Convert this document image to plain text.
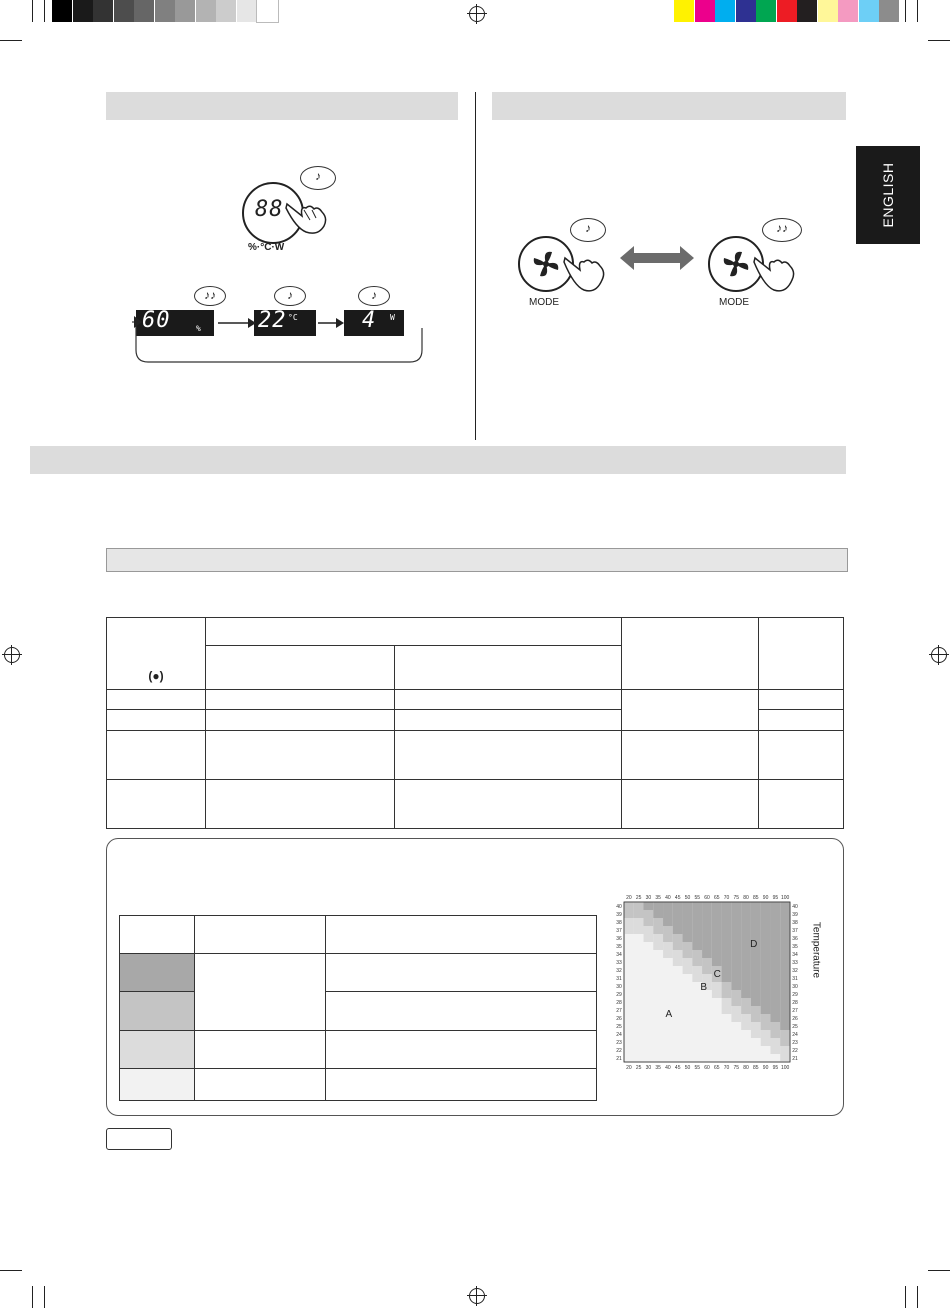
ENGLISH
88
♪
%·°C·W
60	%	22 °C	4 W
♪♪	♪	♪
♪
MODE
♪♪
MODE
(●)				

20
20
25
25
30
30
35
35
40
40
45
45
50
50
55
55
60
60
65
65
70
70
75
75
80
80
85
85
90
90
95
95
100
100
40	40
39	39
38	38
37	37
36	36
35	35
34	34
33	33
32	32
31	31
30	30
29	29
28	28
27	27
26	26
25	25
24	24
23	23
22	22
21	21
A
B
C
D	Temperature
